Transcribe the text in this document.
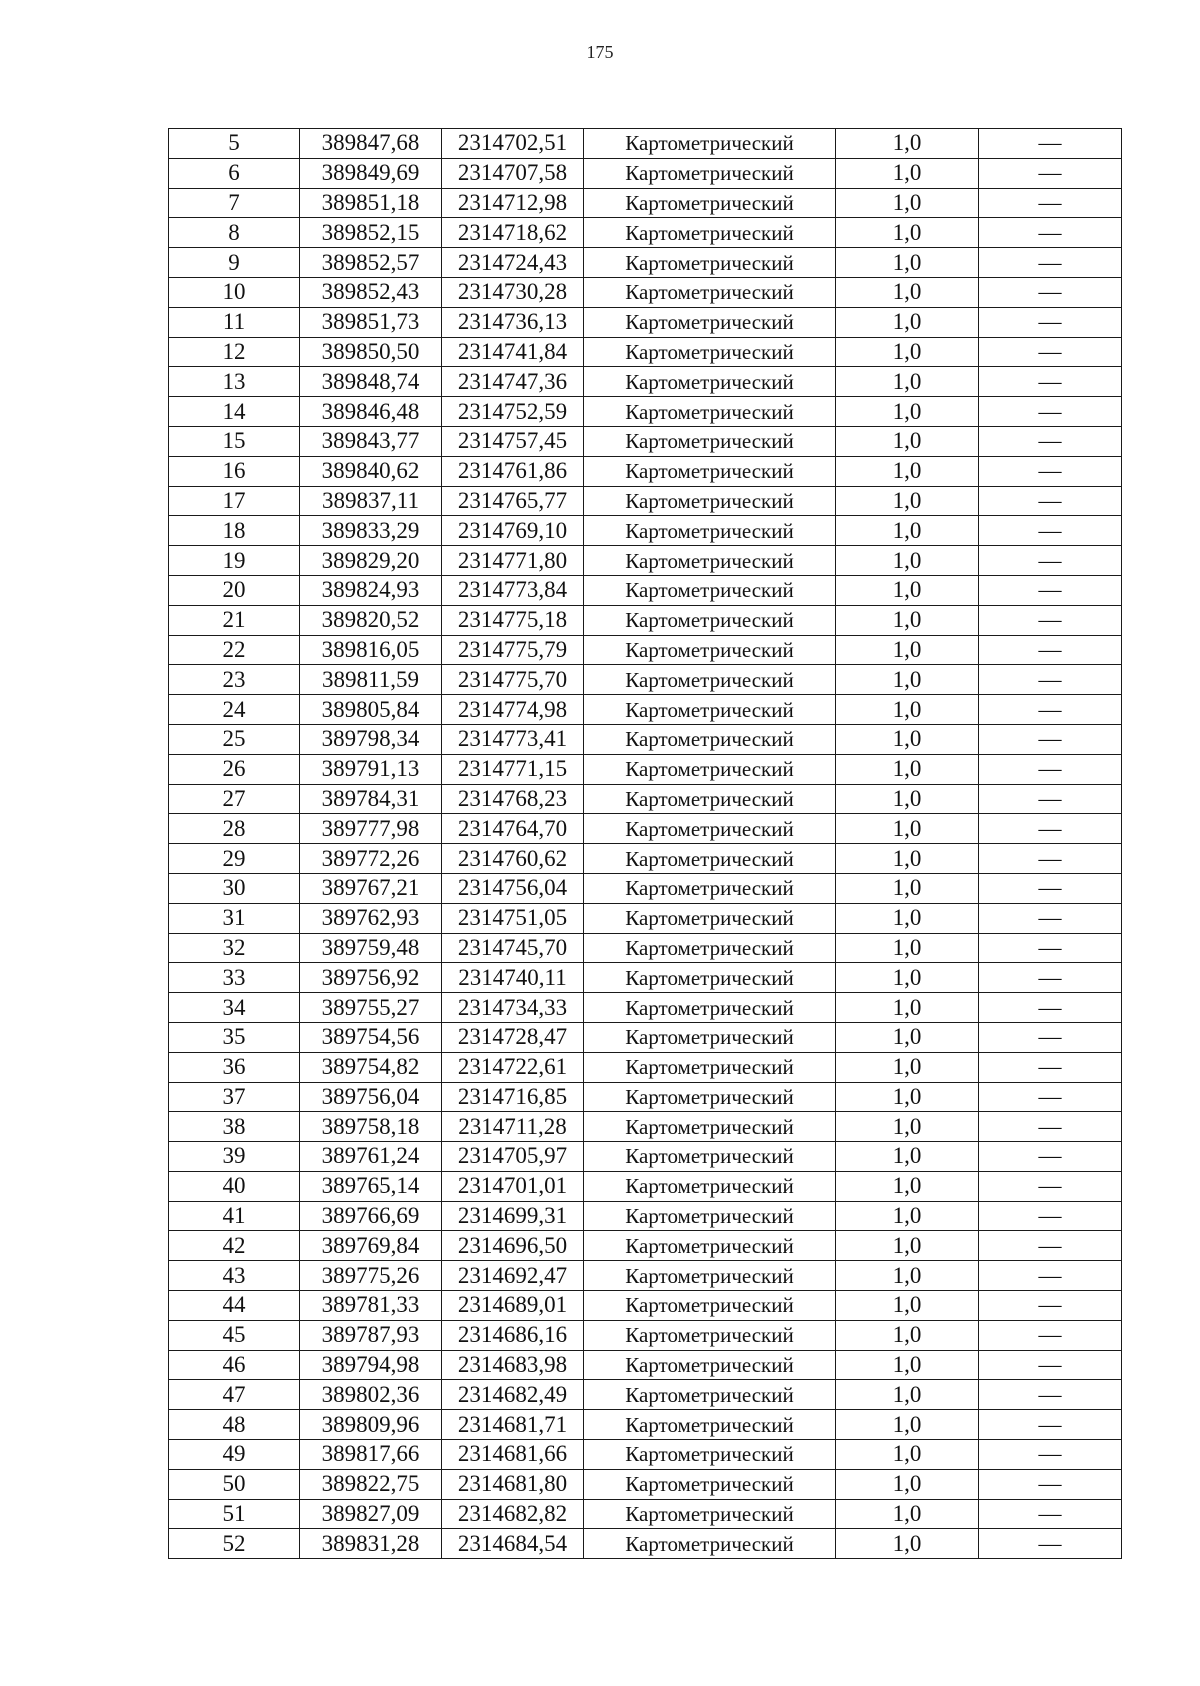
175
5	389847,68	2314702,51	Картометрический	1,0	—
6	389849,69	2314707,58	Картометрический	1,0	—
7	389851,18	2314712,98	Картометрический	1,0	—
8	389852,15	2314718,62	Картометрический	1,0	—
9	389852,57	2314724,43	Картометрический	1,0	—
10	389852,43	2314730,28	Картометрический	1,0	—
11	389851,73	2314736,13	Картометрический	1,0	—
12	389850,50	2314741,84	Картометрический	1,0	—
13	389848,74	2314747,36	Картометрический	1,0	—
14	389846,48	2314752,59	Картометрический	1,0	—
15	389843,77	2314757,45	Картометрический	1,0	—
16	389840,62	2314761,86	Картометрический	1,0	—
17	389837,11	2314765,77	Картометрический	1,0	—
18	389833,29	2314769,10	Картометрический	1,0	—
19	389829,20	2314771,80	Картометрический	1,0	—
20	389824,93	2314773,84	Картометрический	1,0	—
21	389820,52	2314775,18	Картометрический	1,0	—
22	389816,05	2314775,79	Картометрический	1,0	—
23	389811,59	2314775,70	Картометрический	1,0	—
24	389805,84	2314774,98	Картометрический	1,0	—
25	389798,34	2314773,41	Картометрический	1,0	—
26	389791,13	2314771,15	Картометрический	1,0	—
27	389784,31	2314768,23	Картометрический	1,0	—
28	389777,98	2314764,70	Картометрический	1,0	—
29	389772,26	2314760,62	Картометрический	1,0	—
30	389767,21	2314756,04	Картометрический	1,0	—
31	389762,93	2314751,05	Картометрический	1,0	—
32	389759,48	2314745,70	Картометрический	1,0	—
33	389756,92	2314740,11	Картометрический	1,0	—
34	389755,27	2314734,33	Картометрический	1,0	—
35	389754,56	2314728,47	Картометрический	1,0	—
36	389754,82	2314722,61	Картометрический	1,0	—
37	389756,04	2314716,85	Картометрический	1,0	—
38	389758,18	2314711,28	Картометрический	1,0	—
39	389761,24	2314705,97	Картометрический	1,0	—
40	389765,14	2314701,01	Картометрический	1,0	—
41	389766,69	2314699,31	Картометрический	1,0	—
42	389769,84	2314696,50	Картометрический	1,0	—
43	389775,26	2314692,47	Картометрический	1,0	—
44	389781,33	2314689,01	Картометрический	1,0	—
45	389787,93	2314686,16	Картометрический	1,0	—
46	389794,98	2314683,98	Картометрический	1,0	—
47	389802,36	2314682,49	Картометрический	1,0	—
48	389809,96	2314681,71	Картометрический	1,0	—
49	389817,66	2314681,66	Картометрический	1,0	—
50	389822,75	2314681,80	Картометрический	1,0	—
51	389827,09	2314682,82	Картометрический	1,0	—
52	389831,28	2314684,54	Картометрический	1,0	—
